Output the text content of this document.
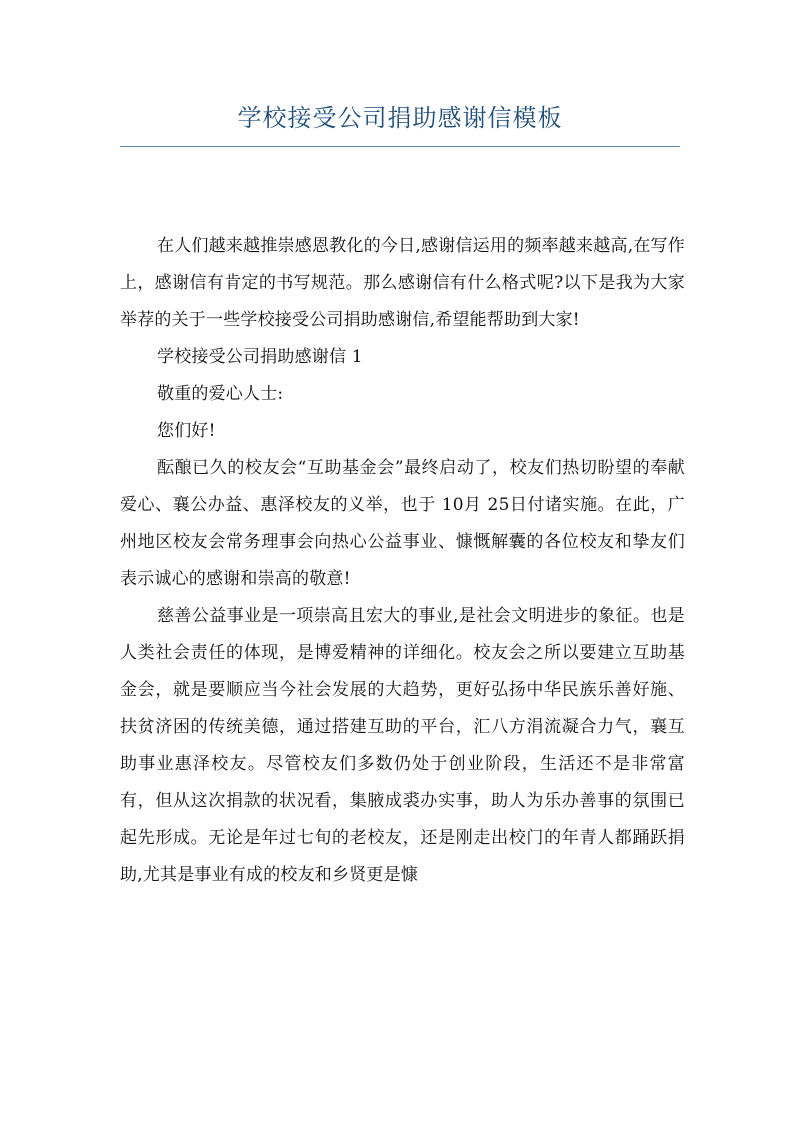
学校接受公司捐助感谢信模板

在人们越来越推崇感恩教化的今日,感谢信运用的频率越来越高,在写作上，感谢信有肯定的书写规范。那么感谢信有什么格式呢?以下是我为大家举荐的关于一些学校接受公司捐助感谢信,希望能帮助到大家!

学校接受公司捐助感谢信 1

敬重的爱心人士:

您们好!

酝酿已久的校友会“互助基金会”最终启动了，校友们热切盼望的奉献爱心、襄公办益、惠泽校友的义举，也于 10月 25日付诸实施。在此，广州地区校友会常务理事会向热心公益事业、慷慨解囊的各位校友和挚友们表示诚心的感谢和崇高的敬意!

慈善公益事业是一项崇高且宏大的事业,是社会文明进步的象征。也是人类社会责任的体现，是博爱精神的详细化。校友会之所以要建立互助基金会，就是要顺应当今社会发展的大趋势，更好弘扬中华民族乐善好施、扶贫济困的传统美德，通过搭建互助的平台，汇八方涓流凝合力气，襄互助事业惠泽校友。尽管校友们多数仍处于创业阶段，生活还不是非常富有，但从这次捐款的状况看，集腋成裘办实事，助人为乐办善事的氛围已起先形成。无论是年过七旬的老校友，还是刚走出校门的年青人都踊跃捐助,尤其是事业有成的校友和乡贤更是慷
